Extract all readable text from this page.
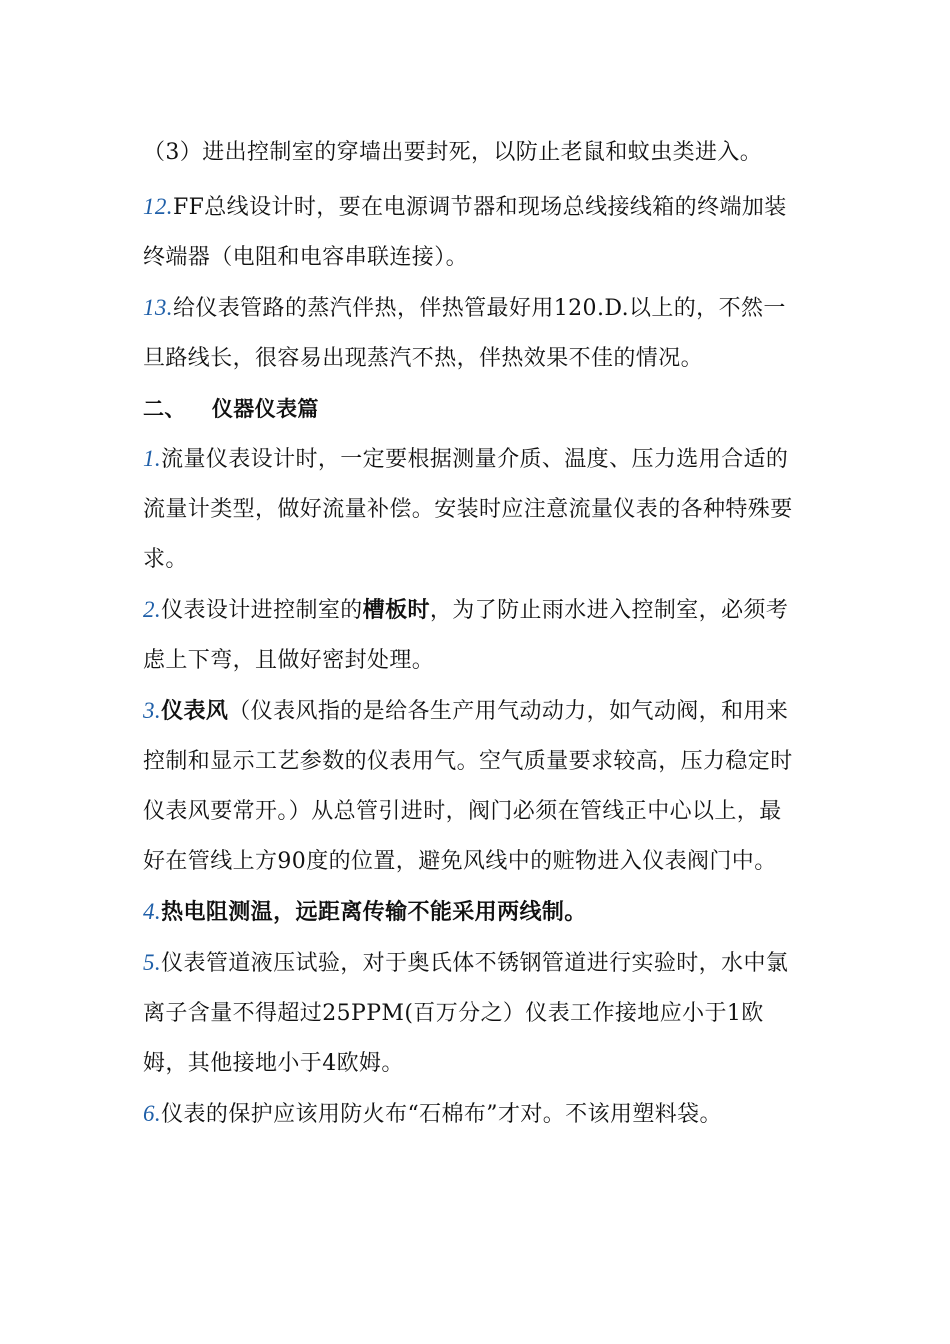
（3）进出控制室的穿墙出要封死，以防止老鼠和蚊虫类进入。

12.FF总线设计时，要在电源调节器和现场总线接线箱的终端加装终端器（电阻和电容串联连接）。

13.给仪表管路的蒸汽伴热，伴热管最好用120.D.以上的，不然一旦路线长，很容易出现蒸汽不热，伴热效果不佳的情况。

二、 仪器仪表篇

1.流量仪表设计时，一定要根据测量介质、温度、压力选用合适的流量计类型，做好流量补偿。安装时应注意流量仪表的各种特殊要求。

2.仪表设计进控制室的槽板时，为了防止雨水进入控制室，必须考虑上下弯，且做好密封处理。

3.仪表风（仪表风指的是给各生产用气动动力，如气动阀，和用来控制和显示工艺参数的仪表用气。空气质量要求较高，压力稳定时仪表风要常开。）从总管引进时，阀门必须在管线正中心以上，最好在管线上方90度的位置，避免风线中的赃物进入仪表阀门中。

4.热电阻测温，远距离传输不能采用两线制。

5.仪表管道液压试验，对于奥氏体不锈钢管道进行实验时，水中氯离子含量不得超过25PPM(百万分之）仪表工作接地应小于1欧姆，其他接地小于4欧姆。

6.仪表的保护应该用防火布“石棉布”才对。不该用塑料袋。
